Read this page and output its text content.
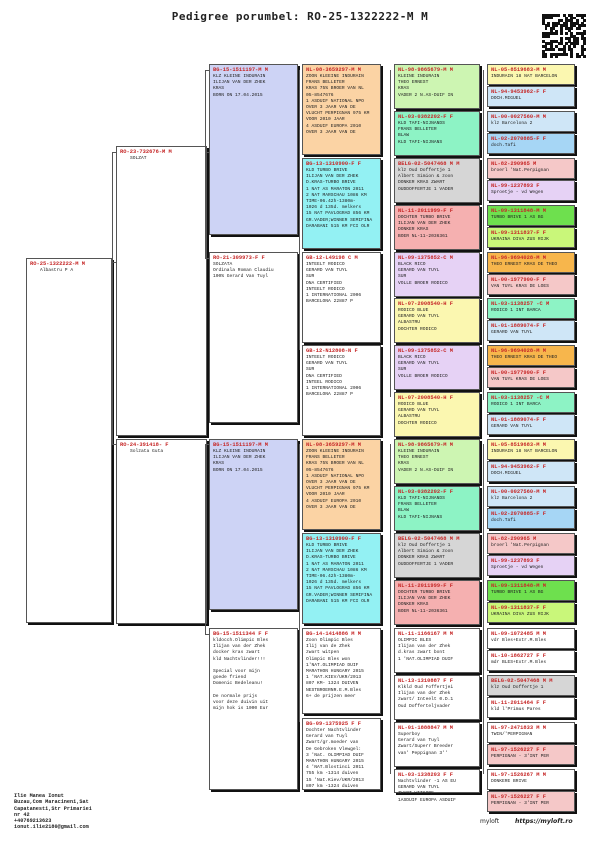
Pedigree porumbel: RO-25-1322222-M M
RO-25-1322222-M M
Albastru P A
RO-23-732676-M M
SOLZAT
RO-24-391418- F
Solzata Guta
BG-15-1511197-M M
KLZ KLEINE INDURAIN
ILIJAN VAN DER ZHEK
KRAS
BORN ON 17.04.2015
RO-21-309973-F F
SOLZATA
Ordinala Roman Claudiu
100% Gerard Van Tuyl
BG-15-1511197-M M
KLZ KLEINE INDURAIN
ILIJAN VAN DER ZHEK
KRAS
BORN ON 17.04.2015
BG-15-1511344 F F
kldocch.Olimpic Bles
Ilijan van der Zhek
docker kras zwart
kld Nachtvlinder!!!

Special voor mijn
goede friend
Domenic Bedeleanu!

De normale prijs
voor deze duivin uit
mijn hok is 1000 Eur
NL-08-3659297-M M
ZOON KLEEINE INDURAIN
FRANS BELLETER
KRAS 75% BROER VAN NL
05-8547676
1 ASDUIF NATIONAL NPO
OVER 3 JAAR VAN DE
VLUCHT PERPIGNAN 975 KM
VOOR 2010 JAAR
4 ASDUIF EUROPA 2010
OVER 3 JAAR VAN DE
BG-13-1310900-F F
KLD TURBO BRIVE
ILIJAN VAN DER ZHEK
D.KRAS-TURBO BRIVE
1 NAT AS MARATON 2011
2 NAT MARSCHAU 1086 KM
TIME-06.42h-1380m-
1026 d 135d. melkers
15 NAT PAVLOGRAD 856 KM
GR.VADER;WINNER SEMIFINA
DARABANI 515 KM FCI OLR
GB-12-L49198 C M
INTEELT RODICO
GERARD VAN TUYL
SUR
DNA CERTIFIED
INTEELT RODICO
1 INTERNATIONAL 2006
BARCELONA 22887 P
GB-12-N12808-N F
INTEELT RODICO
GERARD VAN TUYL
SUR
DNA CERTIFIED
INTEEL RODICO
1 INTERNATIONAL 2006
BARCELONA 22887 P
NL-08-3659297-M M
ZOON KLEEINE INDURAIN
FRANS BELLETER
KRAS 75% BROER VAN NL
05-8547676
1 ASDUIF NATIONAL NPO
OVER 3 JAAR VAN DE
VLUCHT PERPIGNAN 975 KM
VOOR 2010 JAAR
4 ASDUIF EUROPA 2010
OVER 3 JAAR VAN DE
BG-13-1310900-F F
KLD TURBO BRIVE
ILIJAN VAN DER ZHEK
D.KRAS-TURBO BRIVE
1 NAT AS MARATON 2011
2 NAT MARSCHAU 1086 KM
TIME-06.42h-1380m-
1026 d 135d. melkers
15 NAT PAVLOGRAD 856 KM
GR.VADER;WINNER SEMIFINA
DARABANI 515 KM FCI OLR
BG-14-1414886 M M
Zoon Olimpic Bles
Ilij van de Zhek
zwart witpen
Olimpic Bles won
1'NAT.OLIMPIAD DUIF
MARATHON HUNGARY 2015
1 'NAT.KIEV/UKR/2013
807 KM- 1324 DUIVEN
NESTBROERNR.E.M.Bles
6+ de prijzen meer
BG-09-1375925 F F
Dochter Nachtvlinder
Gerard van Tuyl
Zwart/gr.moeder van
De Gebroken Vlewgel:
3 'Nat. OLIMPIAD DUIF
MARATHON HUNGARY 2015
4 'NAT.Blostinci 2011
755 km -1314 duiven
15 'Nat.Kiev/UKR/2013
807 km -1324 duiven
NL-98-9865679-M M
KLEINE INDURAIN
THEO ERNEST
KRAS
VADER 2 N.AS-DUIF IN
NL-03-0382202-F F
KLD TAFI-NIJNANDS
FRANS BELLETER
BLAW
KLD TAFI-NIJNANS
BELG-02-5047468 M M
klz Oud Doffertje 1
Albert Simion & zoon
DONKER KRAS ZWART
OUDDOFFERTJE 1 VADER
NL-11-2011999-F F
DOCHTER TURBO BRIVE
ILIJAN VAN DER ZHEK
DONKER KRAS
BOER NL-11-2036361
NL-09-1375852-C M
BLACK RICO
GERARD VAN TUYL
SUR
VOLLE BROER RODICO
NL-07-2008540-H F
RODICO BLUE
GERARD VAN TUYL
ALBASTRU
DOCHTER RODICO
NL-09-1375852-C M
BLACK RICO
GERARD VAN TUYL
SUR
VOLLE BROER RODICO
NL-07-2008540-H F
RODICO BLUE
GERARD VAN TUYL
ALBASTRU
DOCHTER RODICO
NL-98-9865679-M M
KLEINE INDURAIN
THEO ERNEST
KRAS
VADER 2 N.AS-DUIF IN
NL-03-0382202-F F
KLD TAFI-NIJNANDS
FRANS BELLETER
BLAW
KLD TAFI-NIJNANS
BELG-02-5047468 M M
klz Oud Doffertje 1
Albert Simion & zoon
DONKER KRAS ZWART
OUDDOFFERTJE 1 VADER
NL-11-2011999-F F
DOCHTER TURBO BRIVE
ILIJAN VAN DER ZHEK
DONKER KRAS
BOER NL-11-2036361
NL-11-1166167 M M
OLIMPIC BLES
Ilijan van der Zhek
d.kras zwart bont
1 'NAT.OLIMPIAD DUIF
NL-13-1310887 F F
Klkld Oud Foffertjei
Ilijan van der Zhek
zwart/ Inteelt 0.D.1
Oud Dofferteljvader
NL-01-1888847 M M
Superboy
Gerard van Tuyl
Zwart/Superr Breeder
van' Peppignan 3''
NL-03-1338203 F F
Nachtvlinder -1 AS EU
GERARD VAN TUYL
ZWART WITKOPF
1ASDUIF EUROPA ASDUIF
NL-05-8519683-M M
INDURAIN 18 NAT BARCELON
NL-94-9453962-F F
DOCH.MIGUEL
NL-00-0027560-M M
klz Barcelona 2
NL-02-2070885-F F
doch.Tafi
NL-82-290965 M
broerl 'Nat.Perpignan
NL-99-1237893 F
Sproetje - vd Wegen
NL-09-1311848-M M
TURBO BRIVE 1 AS BG
NL-09-1311837-F F
UKRAINA DIVA ZUS RIJK
NL-96-9694028-M M
THEO ERNEST KRAS DE THEO
NL-00-1977900-F F
VAN TUYL KRAS DE LOES
NL-03-1138257 -C M
RODICO 1 INT BARCA
NL-01-1889074-F F
GERARD VAN TUYL
NL-96-9694028-M M
THEO ERNEST KRAS DE THEO
NL-00-1977900-F F
VAN TUYL KRAS DE LOES
NL-03-1138257 -C M
RODICO 1 INT BARCA
NL-01-1889074-F F
GERARD VAN TUYL
NL-05-8519683-M M
INDURAIN 18 NAT BARCELON
NL-94-9453962-F F
DOCH.MIGUEL
NL-00-0027560-M M
klz Barcelona 2
NL-02-2070885-F F
doch.Tafi
NL-82-290965 M
broerl 'Nat.Perpignan
NL-99-1237893 F
Sproetje - vd Wegen
NL-09-1311848-M M
TURBO BRIVE 1 AS BG
NL-09-1311837-F F
UKRAINA DIVA ZUS RIJK
NL-09-1072485 M M
vdr Bles+Extr.M.Bles
NL-10-1862727 F F
mdr BLES+Extr.M.Bles
BELG-02-5047468 M M
klz Oud Doffertje 1
NL-11-2011464 F F
kld l'Primus Pares
NL-97-2471833 M M
TWIN/'PERPIGNAN
NL-97-1526227 F F
PERPIGNAN - 3'INT PER
NL-97-1526267 M M
DONKERE BRIVE
NL-97-1526227 F F
PERPIGNAN - 3'INT PER
Ilie Manea Ionut
Buzau,Com Maracineni,Sat
Capatanesti,Str Primariei
nr 42
+40769213623
ionut.ilie2180@gmail.com
myloft	https://myloft.ro
